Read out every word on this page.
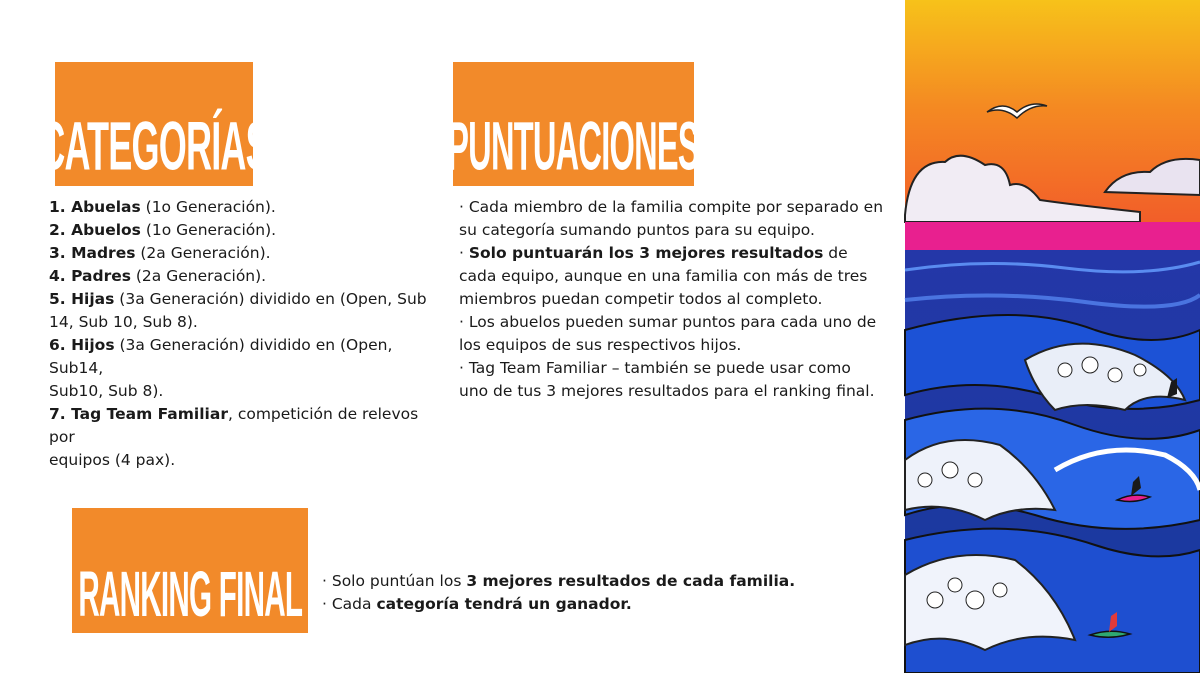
CATEGORÍAS

1. Abuelas (1o Generación).

2. Abuelos (1o Generación).

3. Madres (2a Generación).

4. Padres (2a Generación).

5. Hijas (3a Generación) dividido en (Open, Sub 14, Sub 10, Sub 8).

6. Hijos (3a Generación) dividido en (Open, Sub14,

Sub10, Sub 8).

7. Tag Team Familiar, competición de relevos por

equipos (4 pax).

PUNTUACIONES

· Cada miembro de la familia compite por separado en su categoría sumando puntos para su equipo.

· Solo puntuarán los 3 mejores resultados de cada equipo, aunque en una familia con más de tres miembros puedan competir todos al completo.

· Los abuelos pueden sumar puntos para cada uno de los equipos de sus respectivos hijos.

· Tag Team Familiar – también se puede usar como uno de tus 3 mejores resultados para el ranking final.

RANKING FINAL · Solo puntúan los 3 mejores resultados de cada familia.

· Cada categoría tendrá un ganador.
